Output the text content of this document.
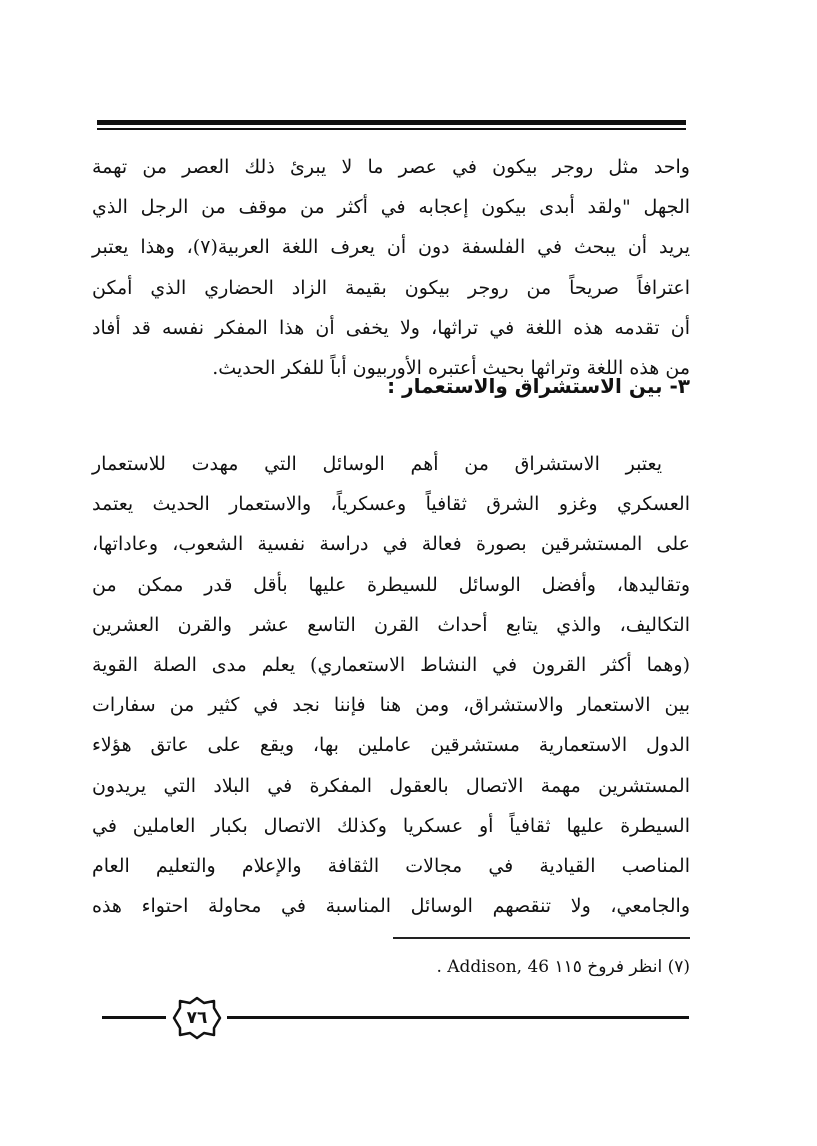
واحد مثل روجر بيكون في عصر ما لا يبرئ ذلك العصر من تهمة
الجهل "ولقد أبدى بيكون إعجابه في أكثر من موقف من الرجل الذي
يريد أن يبحث في الفلسفة دون أن يعرف اللغة العربية(٧)، وهذا يعتبر
اعترافاً صريحاً من روجر بيكون بقيمة الزاد الحضاري الذي أمكن
أن تقدمه هذه اللغة في تراثها، ولا يخفى أن هذا المفكر نفسه قد أفاد
من هذه اللغة وتراثها بحيث أعتبره الأوربيون أباً للفكر الحديث.
٣- بين الاستشراق والاستعمار :
يعتبر الاستشراق من أهم الوسائل التي مهدت للاستعمار
العسكري وغزو الشرق ثقافياً وعسكرياً، والاستعمار الحديث يعتمد
على المستشرقين بصورة فعالة في دراسة نفسية الشعوب، وعاداتها،
وتقاليدها، وأفضل الوسائل للسيطرة عليها بأقل قدر ممكن من
التكاليف، والذي يتابع أحداث القرن التاسع عشر والقرن العشرين
(وهما أكثر القرون في النشاط الاستعماري) يعلم مدى الصلة القوية
بين الاستعمار والاستشراق، ومن هنا فإننا نجد في كثير من سفارات
الدول الاستعمارية مستشرقين عاملين بها، ويقع على عاتق هؤلاء
المستشرين مهمة الاتصال بالعقول المفكرة في البلاد التي يريدون
السيطرة عليها ثقافياً أو عسكريا وكذلك الاتصال بكبار العاملين في
المناصب القيادية في مجالات الثقافة والإعلام والتعليم العام
والجامعي، ولا تنقصهم الوسائل المناسبة في محاولة احتواء هذه
(٧) انظر فروخ ١١٥ Addison, 46 .
٧٦
